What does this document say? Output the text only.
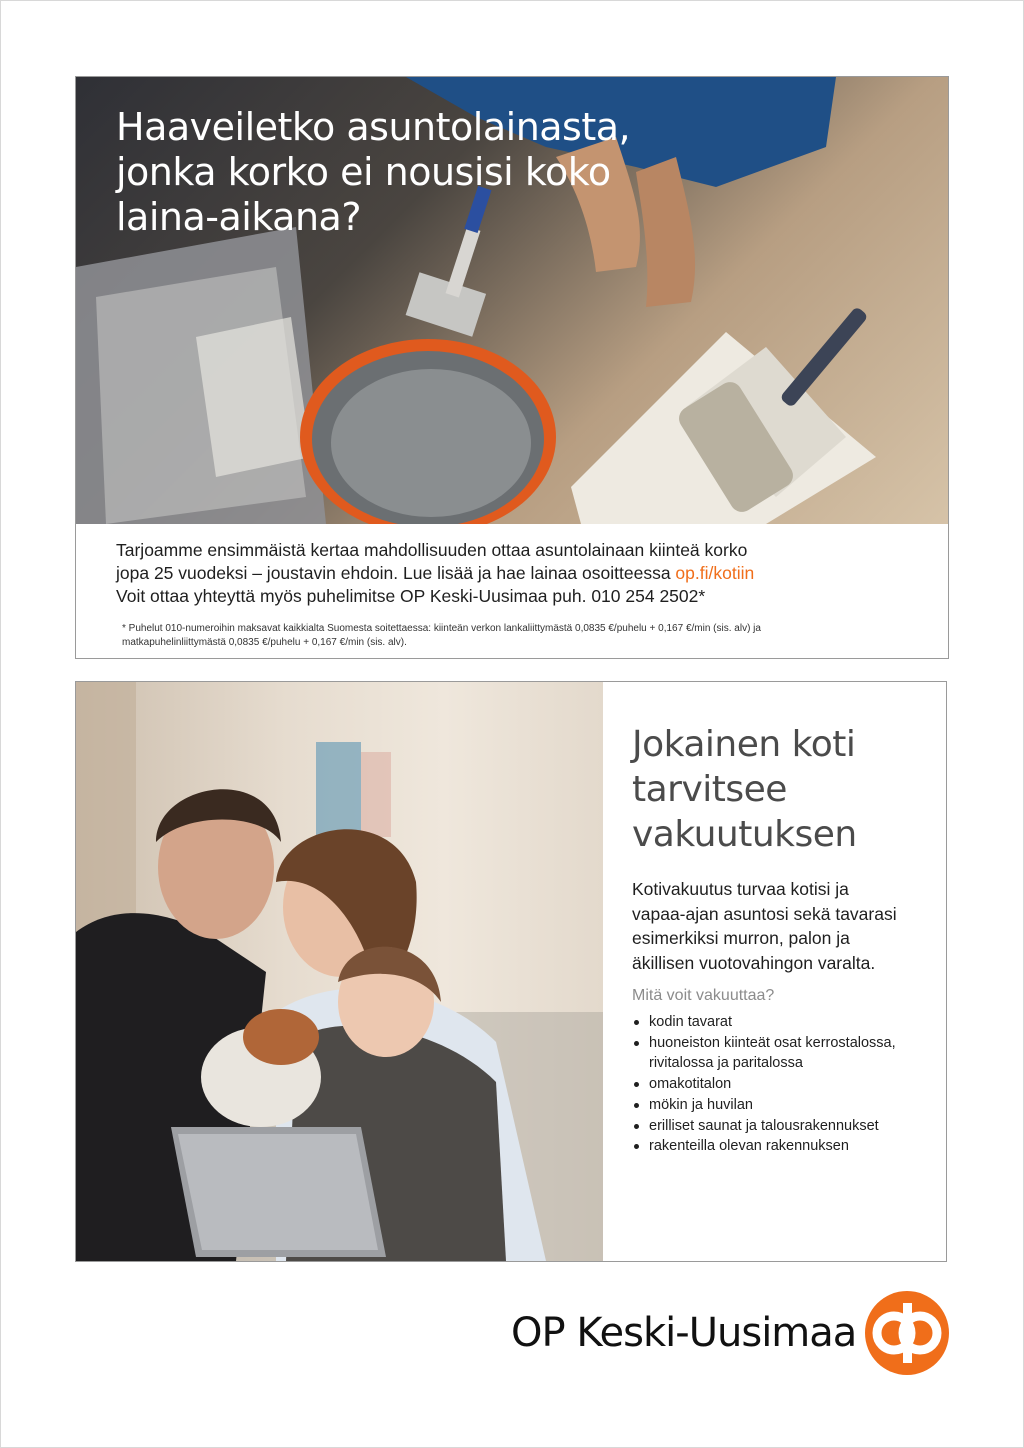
Haaveiletko asuntolainasta,
jonka korko ei nousisi koko
laina-aikana?
Tarjoamme ensimmäistä kertaa mahdollisuuden ottaa asuntolainaan kiinteä korko
jopa 25 vuodeksi – joustavin ehdoin. Lue lisää ja hae lainaa osoitteessa op.fi/kotiin
Voit ottaa yhteyttä myös puhelimitse OP Keski-Uusimaa puh. 010 254 2502*
* Puhelut 010-numeroihin maksavat kaikkialta Suomesta soitettaessa: kiinteän verkon lankaliittymästä 0,0835 €/puhelu + 0,167 €/min (sis. alv) ja
matkapuhelinliittymästä 0,0835 €/puhelu + 0,167 €/min (sis. alv).
Jokainen koti
tarvitsee
vakuutuksen
Kotivakuutus turvaa kotisi ja
vapaa-ajan asuntosi sekä tavarasi
esimerkiksi murron, palon ja
äkillisen vuotovahingon varalta.
Mitä voit vakuuttaa?
kodin tavarat
huoneiston kiinteät osat kerrostalossa,
rivitalossa ja paritalossa
omakotitalon
mökin ja huvilan
erilliset saunat ja talousrakennukset
rakenteilla olevan rakennuksen
OP Keski-Uusimaa
